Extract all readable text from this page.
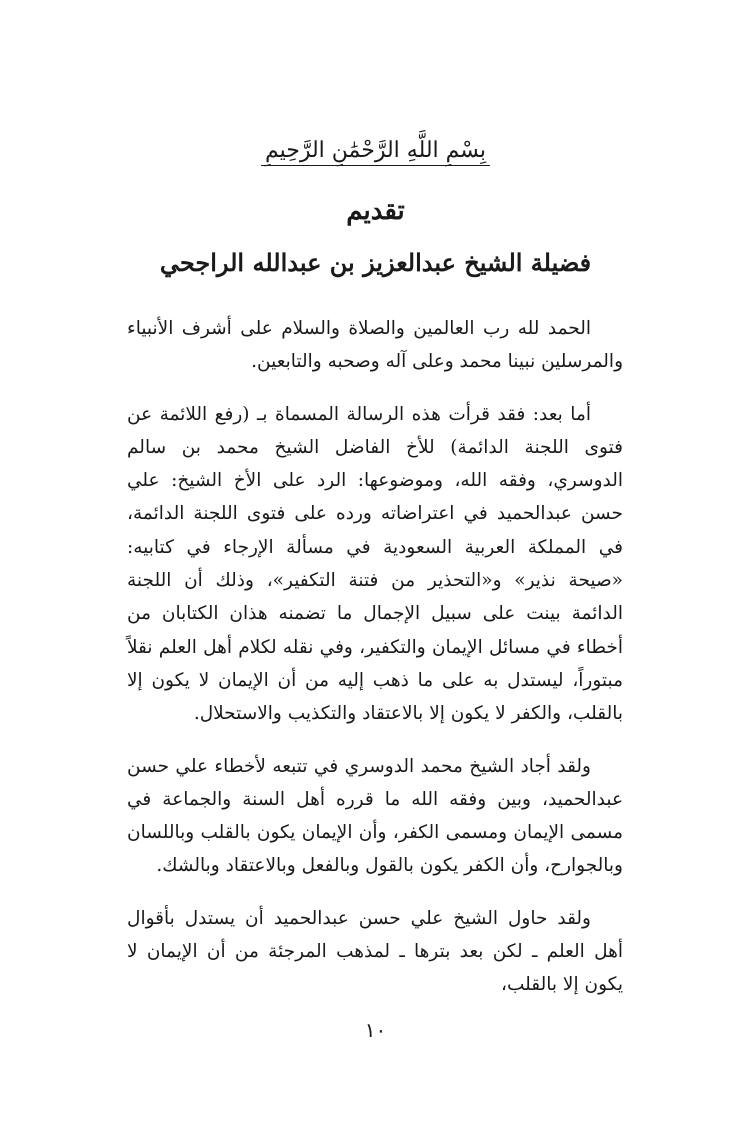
بِسْمِ اللَّهِ الرَّحْمَٰنِ الرَّحِيمِ
تقديم
فضيلة الشيخ عبدالعزيز بن عبدالله الراجحي

الحمد لله رب العالمين والصلاة والسلام على أشرف الأنبياء والمرسلين نبينا محمد وعلى آله وصحبه والتابعين.

أما بعد: فقد قرأت هذه الرسالة المسماة بـ (رفع اللائمة عن فتوى اللجنة الدائمة) للأخ الفاضل الشيخ محمد بن سالم الدوسري، وفقه الله، وموضوعها: الرد على الأخ الشيخ: علي حسن عبدالحميد في اعتراضاته ورده على فتوى اللجنة الدائمة، في المملكة العربية السعودية في مسألة الإرجاء في كتابيه: «صيحة نذير» و«التحذير من فتنة التكفير»، وذلك أن اللجنة الدائمة بينت على سبيل الإجمال ما تضمنه هذان الكتابان من أخطاء في مسائل الإيمان والتكفير، وفي نقله لكلام أهل العلم نقلاً مبتوراً، ليستدل به على ما ذهب إليه من أن الإيمان لا يكون إلا بالقلب، والكفر لا يكون إلا بالاعتقاد والتكذيب والاستحلال.

ولقد أجاد الشيخ محمد الدوسري في تتبعه لأخطاء علي حسن عبدالحميد، وبين وفقه الله ما قرره أهل السنة والجماعة في مسمى الإيمان ومسمى الكفر، وأن الإيمان يكون بالقلب وباللسان وبالجوارح، وأن الكفر يكون بالقول وبالفعل وبالاعتقاد وبالشك.

ولقد حاول الشيخ علي حسن عبدالحميد أن يستدل بأقوال أهل العلم ـ لكن بعد بترها ـ لمذهب المرجئة من أن الإيمان لا يكون إلا بالقلب،

١٠
